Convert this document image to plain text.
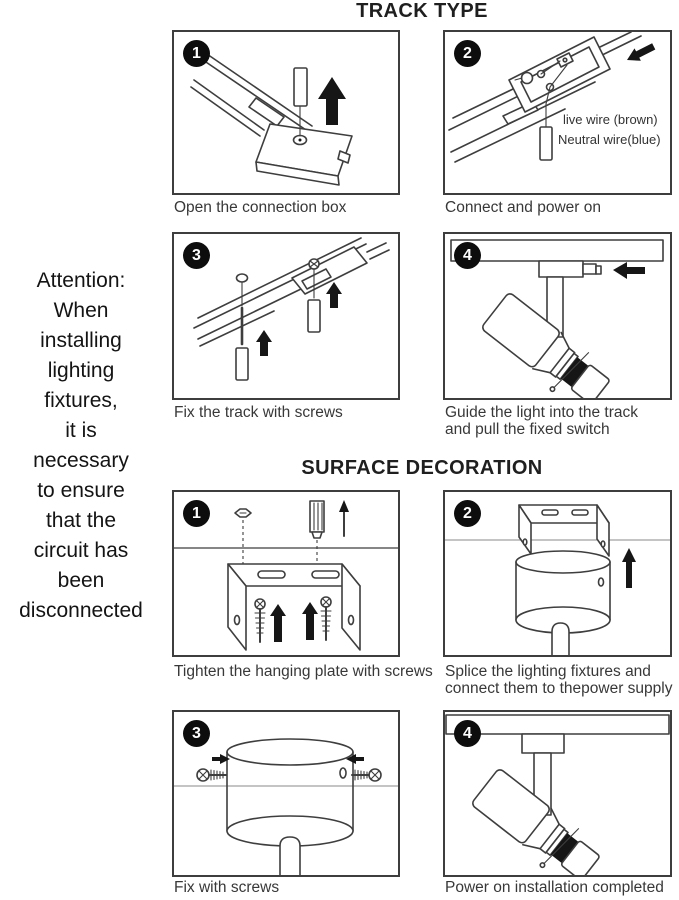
Attention:
When
installing
lighting
fixtures,
it is
necessary
to ensure
that the
circuit has
been
disconnected
TRACK TYPE
SURFACE DECORATION
1	2
live wire (brown)
Neutral wire(blue)
3	4
1	2
3	4
Open the connection box	Connect and power on
Fix the track with screws	Guide the light into the track
and pull the fixed switch
Tighten the hanging plate with screws Splice the lighting fixtures and
connect them to thepower supply
Fix with screws	Power on installation completed
